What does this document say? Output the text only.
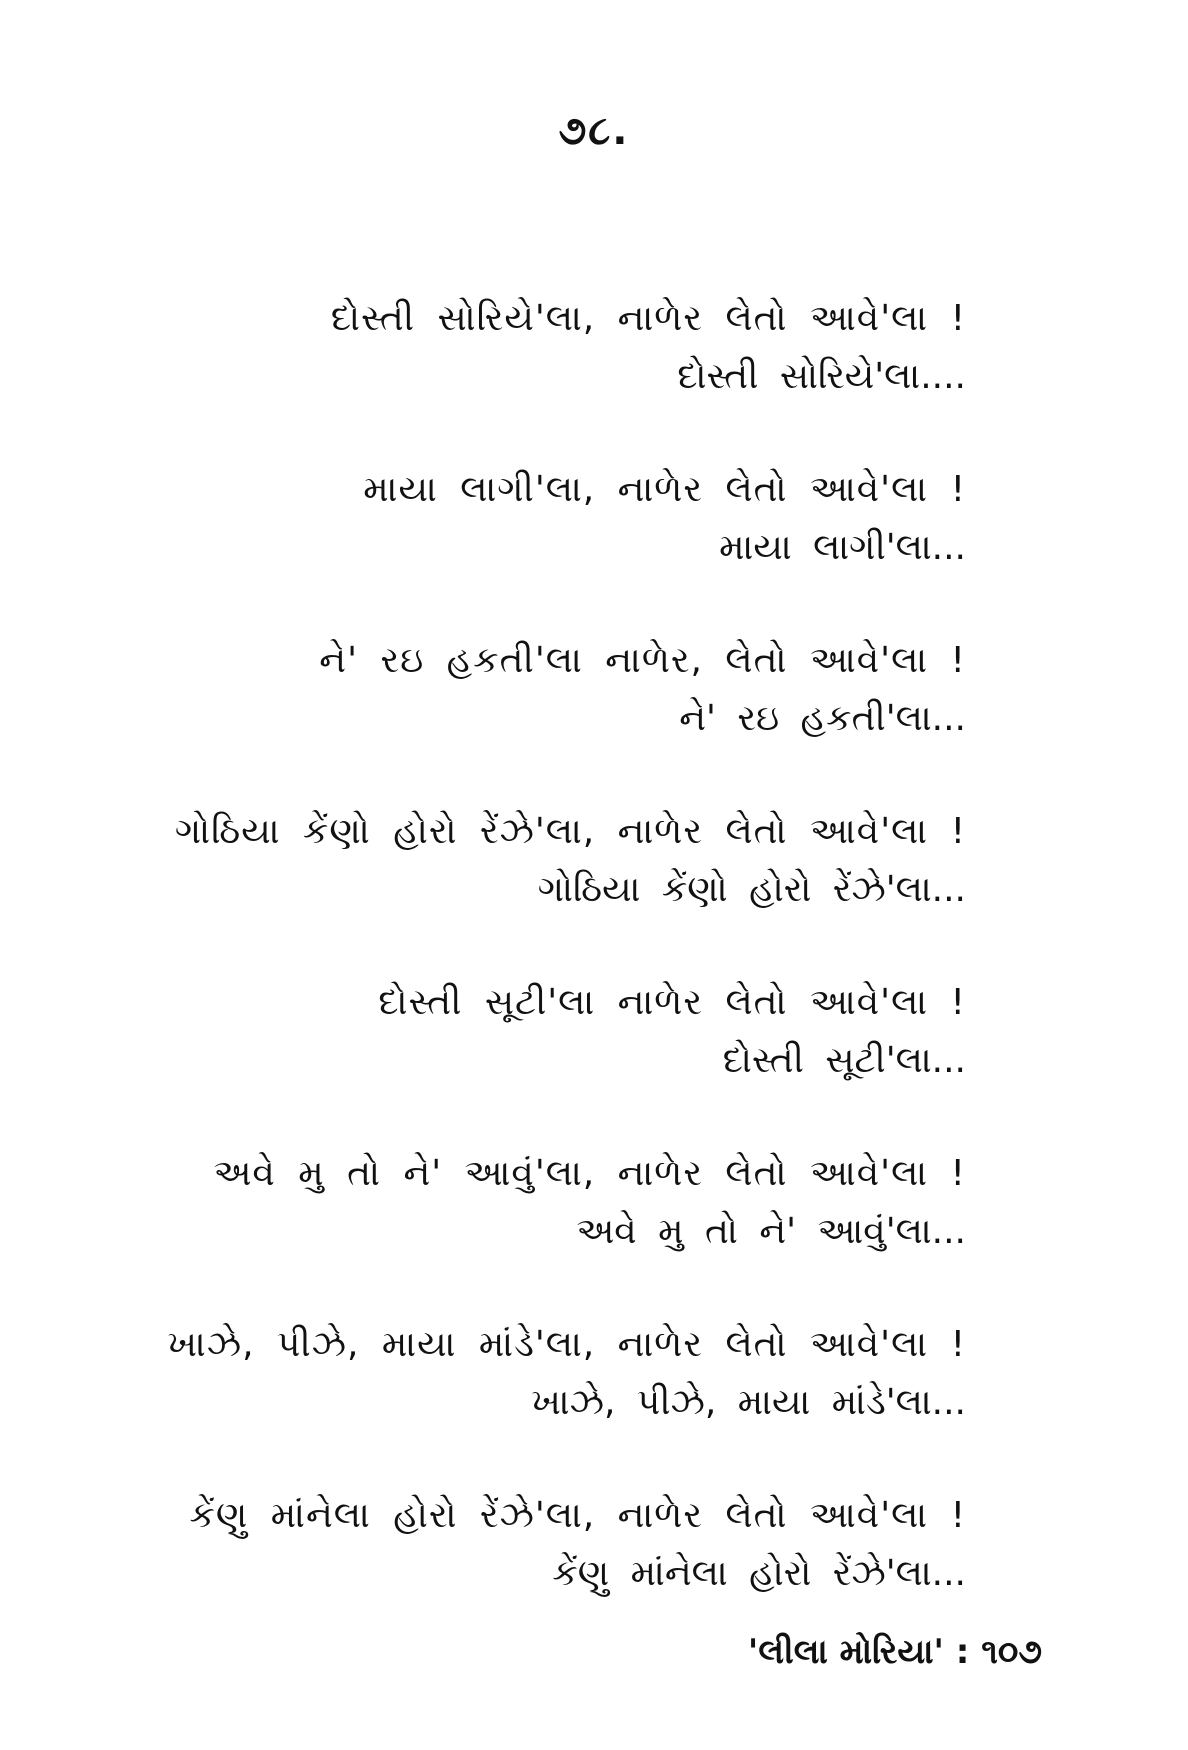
૭૮.
દોસ્તી સોરિયે'લા, નાળેર લેતો આવે'લા !
દોસ્તી સોરિયે'લા....
માયા લાગી'લા, નાળેર લેતો આવે'લા !
માયા લાગી'લા...
ને' રઇ હકતી'લા નાળેર, લેતો આવે'લા !
ને' રઇ હકતી'લા...
ગોઠિયા કેંણો હોરો રેંઝે'લા, નાળેર લેતો આવે'લા !
ગોઠિયા કેંણો હોરો રેંઝે'લા...
દોસ્તી સૂટી'લા નાળેર લેતો આવે'લા !
દોસ્તી સૂટી'લા...
અવે મુ તો ને' આવું'લા, નાળેર લેતો આવે'લા !
અવે મુ તો ને' આવું'લા...
ખાઝે, પીઝે, માયા માંડે'લા, નાળેર લેતો આવે'લા !
ખાઝે, પીઝે, માયા માંડે'લા...
કેંણુ માંનેલા હોરો રેંઝે'લા, નાળેર લેતો આવે'લા !
કેંણુ માંનેલા હોરો રેંઝે'લા...
'લીલા મોરિયા' : ૧૦૭
